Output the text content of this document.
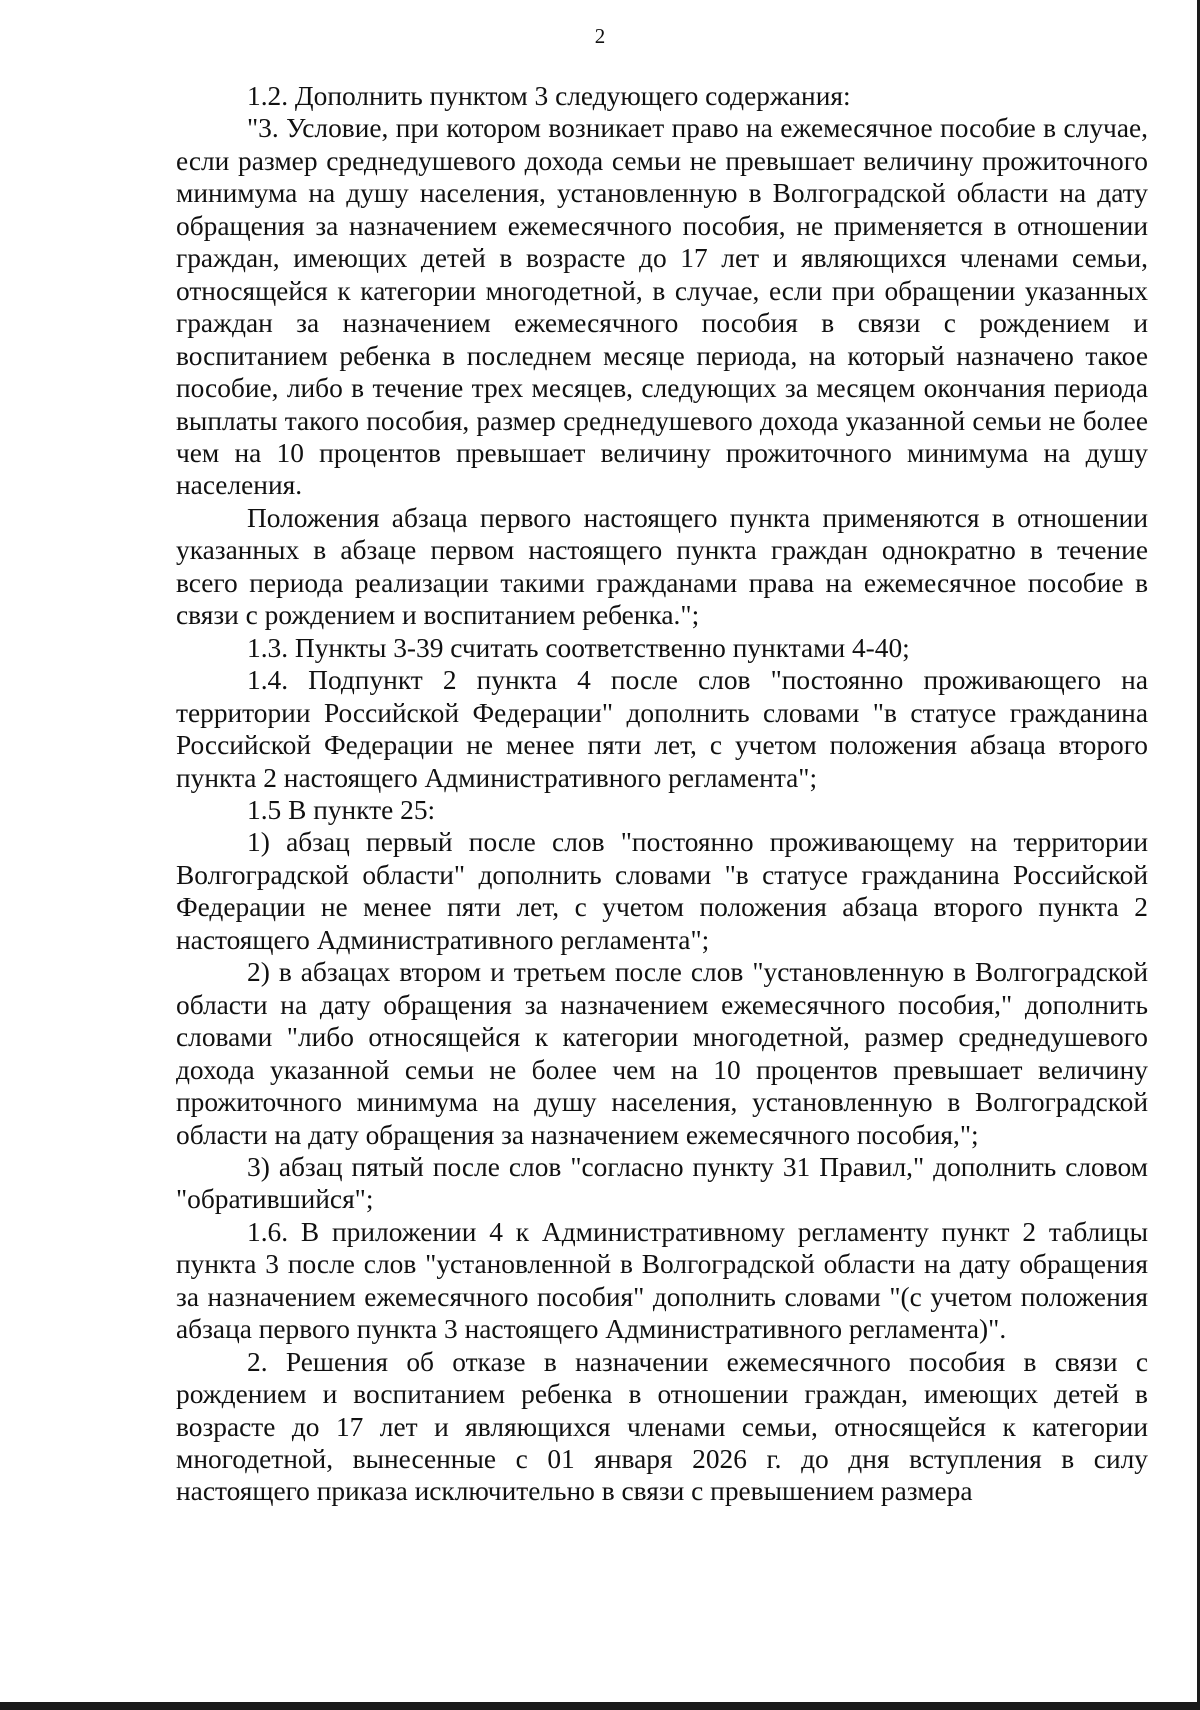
2

1.2. Дополнить пунктом 3 следующего содержания:

"3. Условие, при котором возникает право на ежемесячное пособие в случае, если размер среднедушевого дохода семьи не превышает величину прожиточного минимума на душу населения, установленную в Волгоградской области на дату обращения за назначением ежемесячного пособия, не применяется в отношении граждан, имеющих детей в возрасте до 17 лет и являющихся членами семьи, относящейся к категории многодетной, в случае, если при обращении указанных граждан за назначением ежемесячного пособия в связи с рождением и воспитанием ребенка в последнем месяце периода, на который назначено такое пособие, либо в течение трех месяцев, следующих за месяцем окончания периода выплаты такого пособия, размер среднедушевого дохода указанной семьи не более чем на 10 процентов превышает величину прожиточного минимума на душу населения.

Положения абзаца первого настоящего пункта применяются в отношении указанных в абзаце первом настоящего пункта граждан однократно в течение всего периода реализации такими гражданами права на ежемесячное пособие в связи с рождением и воспитанием ребенка.";

1.3. Пункты 3-39 считать соответственно пунктами 4-40;

1.4. Подпункт 2 пункта 4 после слов "постоянно проживающего на территории Российской Федерации" дополнить словами "в статусе гражданина Российской Федерации не менее пяти лет, с учетом положения абзаца второго пункта 2 настоящего Административного регламента";

1.5 В пункте 25:

1) абзац первый после слов "постоянно проживающему на территории Волгоградской области" дополнить словами "в статусе гражданина Российской Федерации не менее пяти лет, с учетом положения абзаца второго пункта 2 настоящего Административного регламента";

2) в абзацах втором и третьем после слов "установленную в Волгоградской области на дату обращения за назначением ежемесячного пособия," дополнить словами "либо относящейся к категории многодетной, размер среднедушевого дохода указанной семьи не более чем на 10 процентов превышает величину прожиточного минимума на душу населения, установленную в Волгоградской области на дату обращения за назначением ежемесячного пособия,";

3) абзац пятый после слов "согласно пункту 31 Правил," дополнить словом "обратившийся";

1.6. В приложении 4 к Административному регламенту пункт 2 таблицы пункта 3 после слов "установленной в Волгоградской области на дату обращения за назначением ежемесячного пособия" дополнить словами "(с учетом положения абзаца первого пункта 3 настоящего Административного регламента)".

2. Решения об отказе в назначении ежемесячного пособия в связи с рождением и воспитанием ребенка в отношении граждан, имеющих детей в возрасте до 17 лет и являющихся членами семьи, относящейся к категории многодетной, вынесенные с 01 января 2026 г. до дня вступления в силу настоящего приказа исключительно в связи с превышением размера
